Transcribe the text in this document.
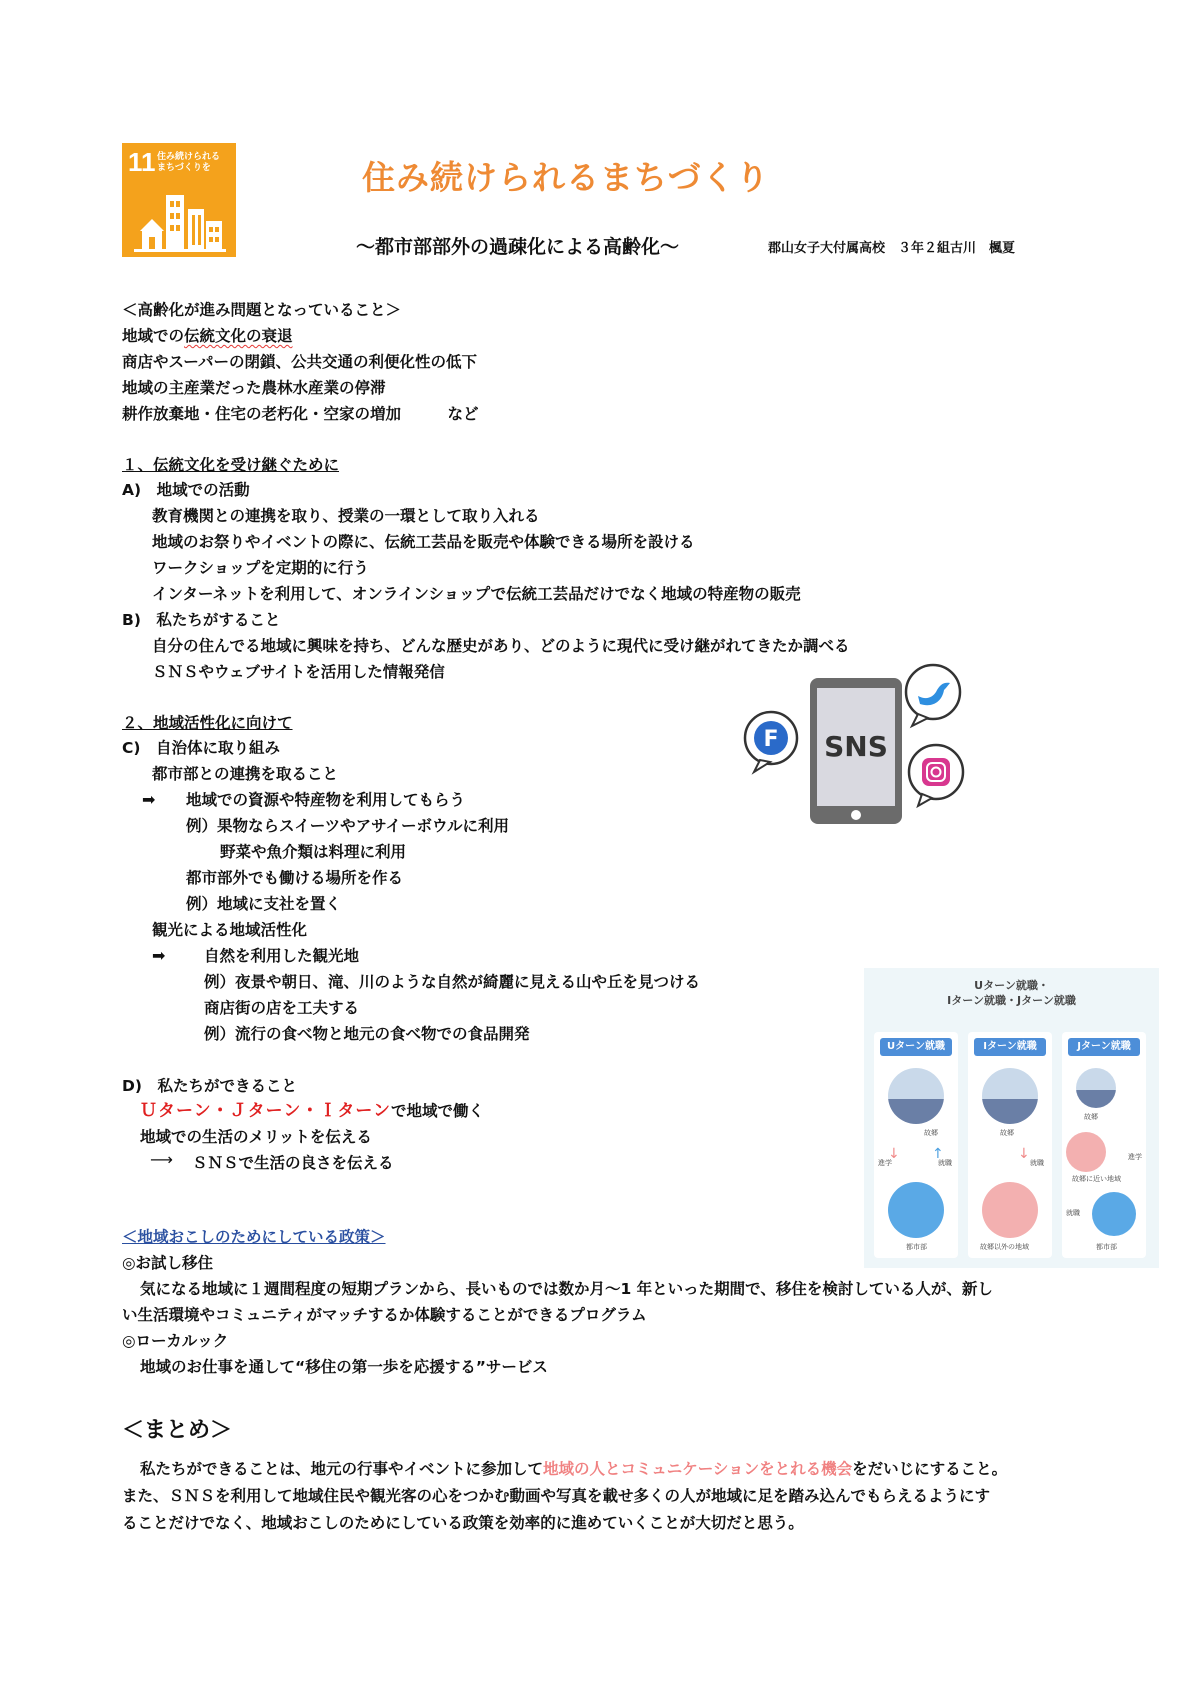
11 住み続けられる
まちづくりを	住み続けられるまちづくり
～都市部部外の過疎化による高齢化～	郡山女子大付属高校　３年２組古川　楓夏
＜高齢化が進み問題となっていること＞
地域での伝統文化の衰退
商店やスーパーの閉鎖、公共交通の利便化性の低下
地域の主産業だった農林水産業の停滞
耕作放棄地・住宅の老朽化・空家の増加　　　など
１、伝統文化を受け継ぐために
A)　地域での活動
教育機関との連携を取り、授業の一環として取り入れる
地域のお祭りやイベントの際に、伝統工芸品を販売や体験できる場所を設ける
ワークショップを定期的に行う
インターネットを利用して、オンラインショップで伝統工芸品だけでなく地域の特産物の販売
B)　私たちがすること
自分の住んでる地域に興味を持ち、どんな歴史があり、どのように現代に受け継がれてきたか調べる
ＳＮＳやウェブサイトを活用した情報発信
SNS
F
２、地域活性化に向けて
C)　自治体に取り組み
都市部との連携を取ること
➡ 地域での資源や特産物を利用してもらう
例）果物ならスイーツやアサイーボウルに利用
野菜や魚介類は料理に利用
都市部外でも働ける場所を作る
例）地域に支社を置く
観光による地域活性化
➡ 自然を利用した観光地
例）夜景や朝日、滝、川のような自然が綺麗に見える山や丘を見つける
商店街の店を工夫する
例）流行の食べ物と地元の食べ物での食品開発
D)　私たちができること
Ｕターン・Ｊターン・Ｉターンで地域で働く
地域での生活のメリットを伝える
⟶ ＳＮＳで生活の良さを伝える
Uターン就職・
Iターン就職・Jターン就職
Uターン就職
故郷
進学	就職
↓ ↑
都市部
Iターン就職
故郷
就職
↓
故郷以外の地域
Jターン就職
故郷
故郷に近い地域
進学
就職
都市部
＜地域おこしのためにしている政策＞
◎お試し移住
気になる地域に１週間程度の短期プランから、長いものでは数か月～1 年といった期間で、移住を検討している人が、新し
い生活環境やコミュニティがマッチするか体験することができるプログラム
◎ローカルック
地域のお仕事を通して“移住の第一歩を応援する”サービス
＜まとめ＞
私たちができることは、地元の行事やイベントに参加して地域の人とコミュニケーションをとれる機会をだいじにすること。
また、ＳＮＳを利用して地域住民や観光客の心をつかむ動画や写真を載せ多くの人が地域に足を踏み込んでもらえるようにす
ることだけでなく、地域おこしのためにしている政策を効率的に進めていくことが大切だと思う。
